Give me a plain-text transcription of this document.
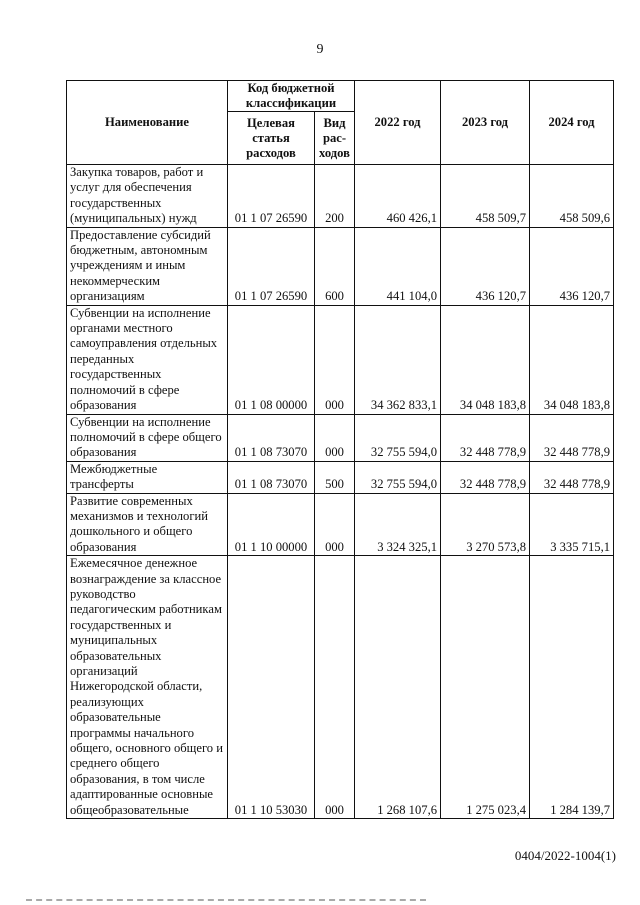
9
Наименование	Код бюджетной классификации		2022 год	2023 год	2024 год
	Целевая статья расходов	Вид рас-ходов			
Закупка товаров, работ и услуг для обеспечения государственных (муниципальных) нужд	01 1 07 26590	200	460 426,1	458 509,7	458 509,6
Предоставление субсидий бюджетным, автономным учреждениям и иным некоммерческим организациям	01 1 07 26590	600	441 104,0	436 120,7	436 120,7
Субвенции на исполнение органами местного самоуправления отдельных переданных государственных полномочий в сфере образования	01 1 08 00000	000	34 362 833,1	34 048 183,8	34 048 183,8
Субвенции на исполнение полномочий в сфере общего образования	01 1 08 73070	000	32 755 594,0	32 448 778,9	32 448 778,9
Межбюджетные трансферты	01 1 08 73070	500	32 755 594,0	32 448 778,9	32 448 778,9
Развитие современных механизмов и технологий дошкольного и общего образования	01 1 10 00000	000	3 324 325,1	3 270 573,8	3 335 715,1
Ежемесячное денежное вознаграждение за классное руководство педагогическим работникам государственных и муниципальных образовательных организаций Нижегородской области, реализующих образовательные программы начального общего, основного общего и среднего общего образования, в том числе адаптированные основные общеобразовательные	01 1 10 53030	000	1 268 107,6	1 275 023,4	1 284 139,7
0404/2022-1004(1)
